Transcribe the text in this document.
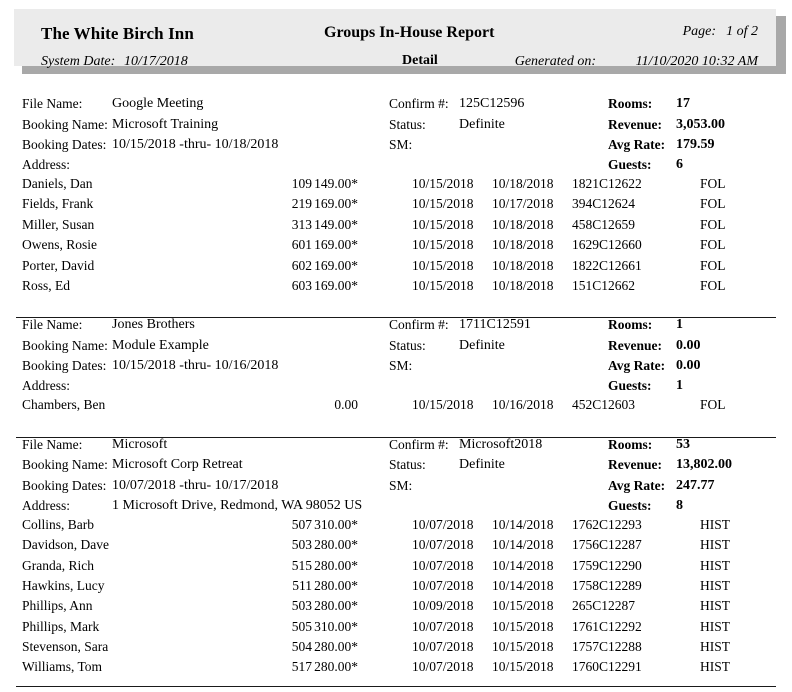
The White Birch Inn	Groups In-House Report
Detail
System Date: 10/17/2018
Page: 1 of 2
Generated on:	11/10/2020 10:32 AM
File Name: Google Meeting
Booking Name: Microsoft Training
Booking Dates: 10/15/2018 -thru- 10/18/2018
Address:
Confirm #: 125C12596
Status: Definite
SM:
Rooms: 17
Revenue: 3,053.00
Avg Rate: 179.59
Guests: 6
Daniels, Dan	109 149.00*	10/15/2018 10/18/2018 1821C12622	FOL
Fields, Frank	219 169.00*	10/15/2018 10/17/2018 394C12624	FOL
Miller, Susan	313 149.00*	10/15/2018 10/18/2018 458C12659	FOL
Owens, Rosie	601 169.00*	10/15/2018 10/18/2018 1629C12660	FOL
Porter, David	602 169.00*	10/15/2018 10/18/2018 1822C12661	FOL
Ross, Ed	603 169.00*	10/15/2018 10/18/2018 151C12662	FOL
File Name: Jones Brothers
Booking Name: Module Example
Booking Dates: 10/15/2018 -thru- 10/16/2018
Address:
Confirm #: 1711C12591
Status: Definite
SM:
Rooms: 1
Revenue: 0.00
Avg Rate: 0.00
Guests: 1
Chambers, Ben	0.00	10/15/2018 10/16/2018 452C12603	FOL
File Name: Microsoft
Booking Name: Microsoft Corp Retreat
Booking Dates: 10/07/2018 -thru- 10/17/2018
Address:	1 Microsoft Drive, Redmond, WA 98052 US
Confirm #: Microsoft2018
Status: Definite
SM:
Rooms: 53
Revenue: 13,802.00
Avg Rate: 247.77
Guests: 8
Collins, Barb	507 310.00*	10/07/2018 10/14/2018 1762C12293	HIST
Davidson, Dave	503 280.00*	10/07/2018 10/14/2018 1756C12287	HIST
Granda, Rich	515 280.00*	10/07/2018 10/14/2018 1759C12290	HIST
Hawkins, Lucy	511 280.00*	10/07/2018 10/14/2018 1758C12289	HIST
Phillips, Ann	503 280.00*	10/09/2018 10/15/2018 265C12287	HIST
Phillips, Mark	505 310.00*	10/07/2018 10/15/2018 1761C12292	HIST
Stevenson, Sara	504 280.00*	10/07/2018 10/15/2018 1757C12288	HIST
Williams, Tom	517 280.00*	10/07/2018 10/15/2018 1760C12291	HIST
